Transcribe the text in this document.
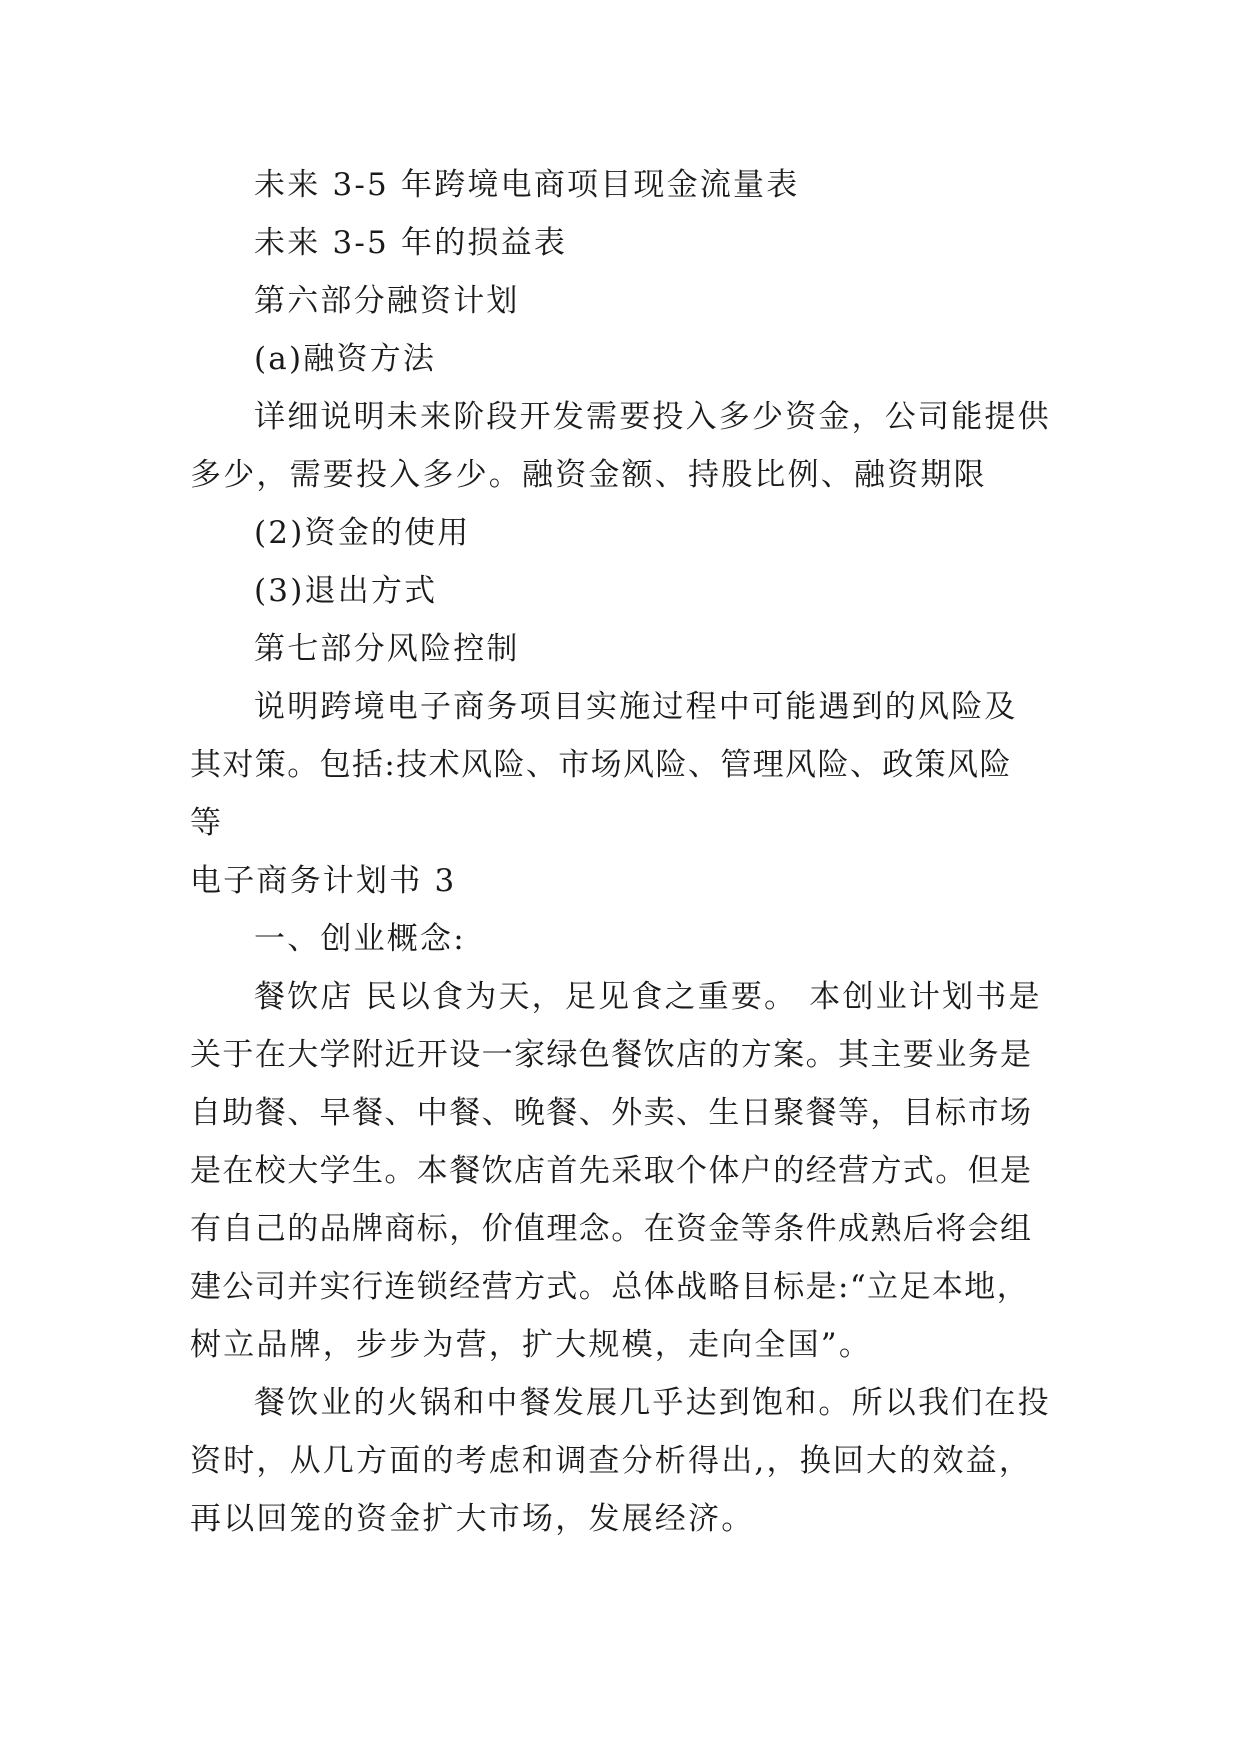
未来 3-5 年跨境电商项目现金流量表
未来 3-5 年的损益表
第六部分融资计划
(a)融资方法
详细说明未来阶段开发需要投入多少资金，公司能提供
多少，需要投入多少。融资金额、持股比例、融资期限
(2)资金的使用
(3)退出方式
第七部分风险控制
说明跨境电子商务项目实施过程中可能遇到的风险及
其对策。包括:技术风险、市场风险、管理风险、政策风险
等
电子商务计划书 3
一、创业概念:
餐饮店 民以食为天，足见食之重要。 本创业计划书是
关于在大学附近开设一家绿色餐饮店的方案。其主要业务是
自助餐、早餐、中餐、晚餐、外卖、生日聚餐等，目标市场
是在校大学生。本餐饮店首先采取个体户的经营方式。但是
有自己的品牌商标，价值理念。在资金等条件成熟后将会组
建公司并实行连锁经营方式。总体战略目标是:“立足本地，
树立品牌，步步为营，扩大规模，走向全国”。
餐饮业的火锅和中餐发展几乎达到饱和。所以我们在投
资时，从几方面的考虑和调查分析得出,，换回大的效益，
再以回笼的资金扩大市场，发展经济。
